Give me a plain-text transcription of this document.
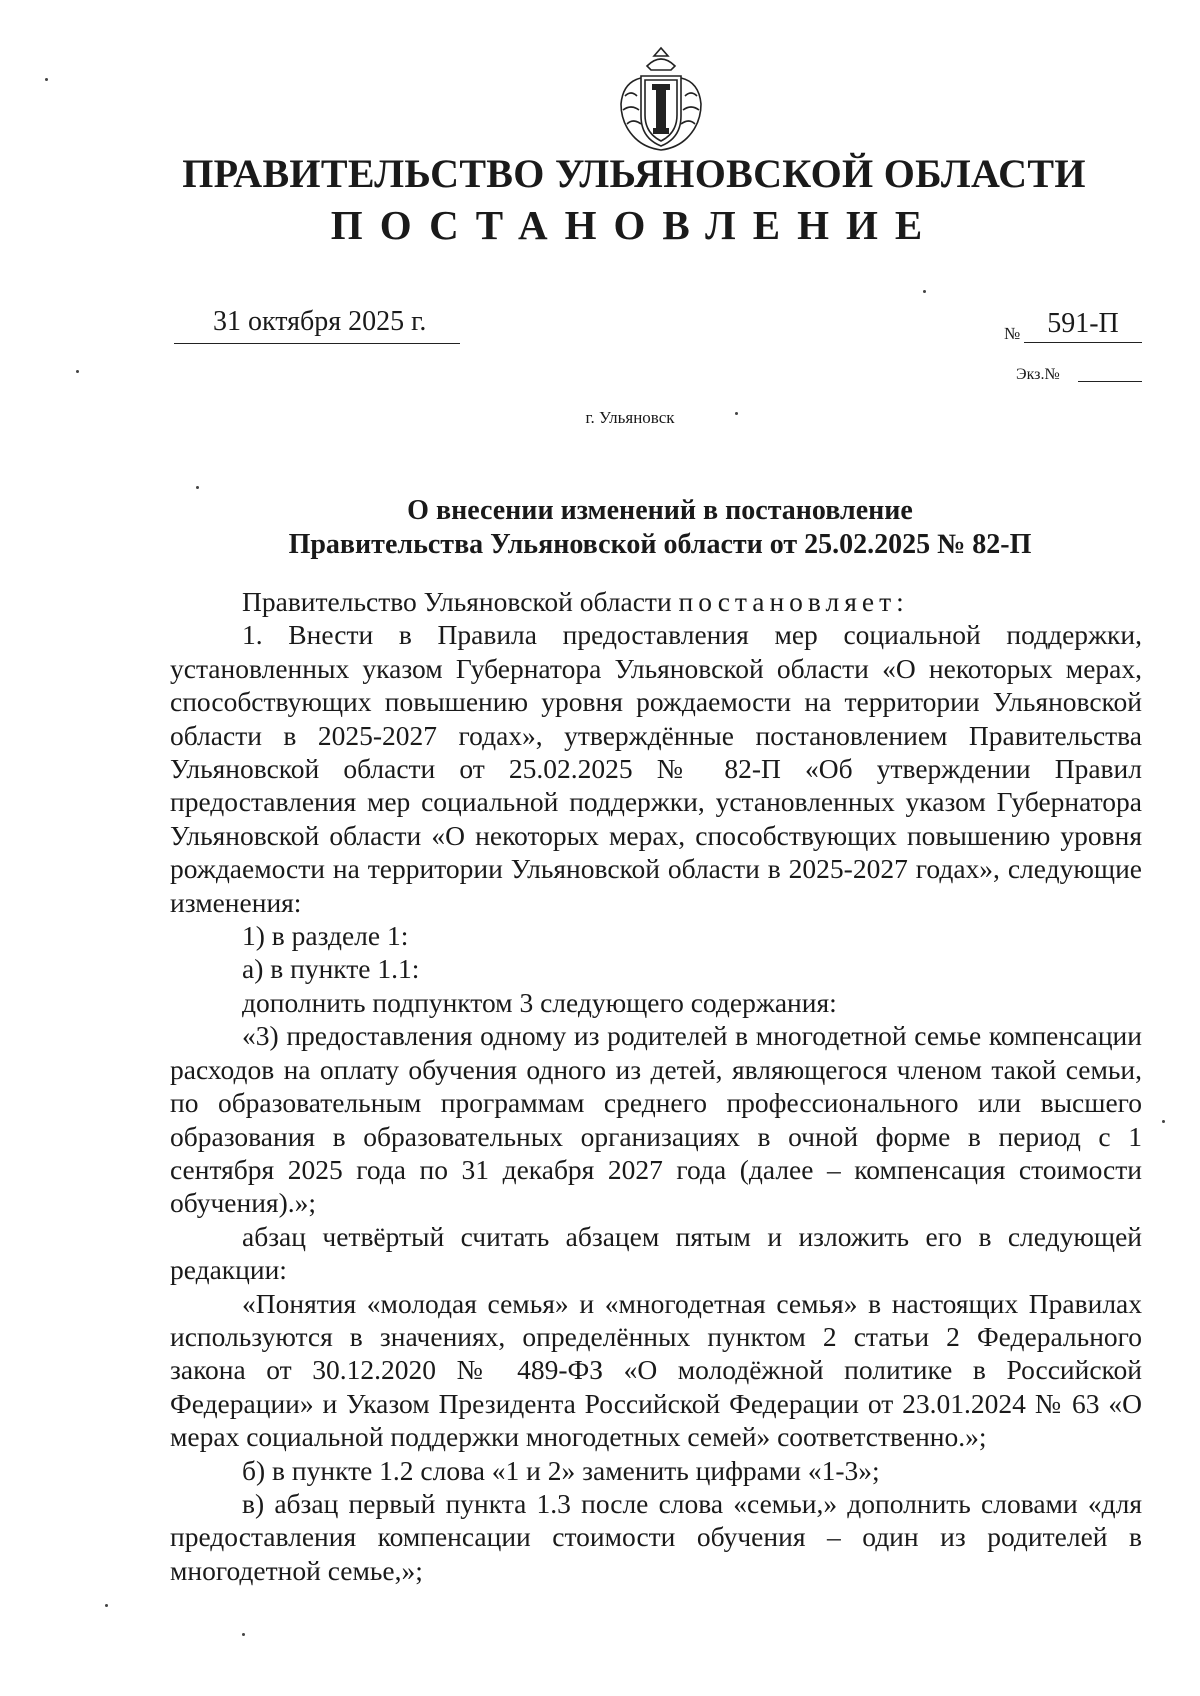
ПРАВИТЕЛЬСТВО УЛЬЯНОВСКОЙ ОБЛАСТИ
ПОСТАНОВЛЕНИЕ
31 октября 2025 г.	№ 591-П
Экз.№
г. Ульяновск
О внесении изменений в постановление
Правительства Ульяновской области от 25.02.2025 № 82-П

Правительство Ульяновской области постановляет:

1. Внести в Правила предоставления мер социальной поддержки, установленных указом Губернатора Ульяновской области «О некоторых мерах, способствующих повышению уровня рождаемости на территории Ульяновской области в 2025-2027 годах», утверждённые постановлением Правительства Ульяновской области от 25.02.2025 № 82-П «Об утверждении Правил предоставления мер социальной поддержки, установленных указом Губернатора Ульяновской области «О некоторых мерах, способствующих повышению уровня рождаемости на территории Ульяновской области в 2025-2027 годах», следующие изменения:

1) в разделе 1:

а) в пункте 1.1:

дополнить подпунктом 3 следующего содержания:

«3) предоставления одному из родителей в многодетной семье компенсации расходов на оплату обучения одного из детей, являющегося членом такой семьи, по образовательным программам среднего профессионального или высшего образования в образовательных организациях в очной форме в период с 1 сентября 2025 года по 31 декабря 2027 года (далее – компенсация стоимости обучения).»;

абзац четвёртый считать абзацем пятым и изложить его в следующей редакции:

«Понятия «молодая семья» и «многодетная семья» в настоящих Правилах используются в значениях, определённых пунктом 2 статьи 2 Федерального закона от 30.12.2020 № 489-ФЗ «О молодёжной политике в Российской Федерации» и Указом Президента Российской Федерации от 23.01.2024 № 63 «О мерах социальной поддержки многодетных семей» соответственно.»;

б) в пункте 1.2 слова «1 и 2» заменить цифрами «1-3»;

в) абзац первый пункта 1.3 после слова «семьи,» дополнить словами «для предоставления компенсации стоимости обучения – один из родителей в многодетной семье,»;
